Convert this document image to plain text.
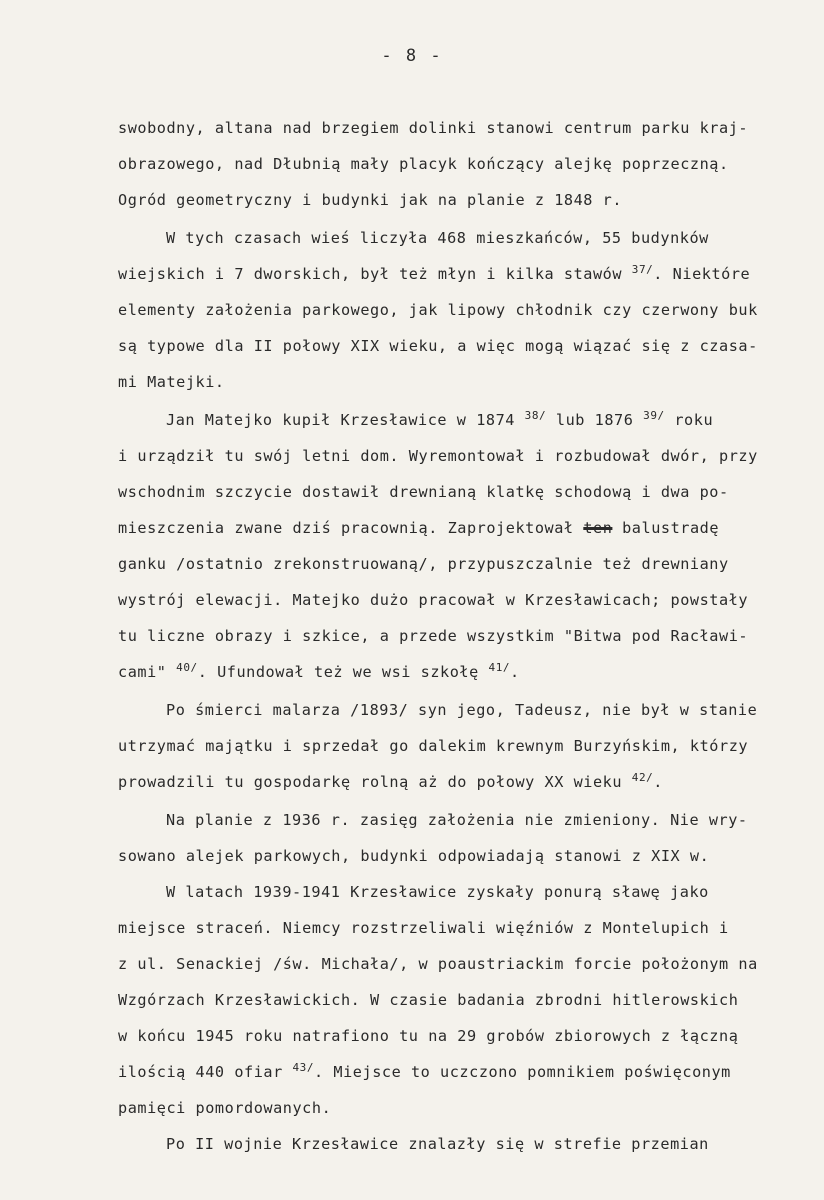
- 8 -
swobodny, altana nad brzegiem dolinki stanowi centrum parku kraj-
obrazowego, nad Dłubnią mały placyk kończący alejkę poprzeczną.
Ogród geometryczny i budynki jak na planie z 1848 r.
W tych czasach wieś liczyła 468 mieszkańców, 55 budynków
wiejskich i 7 dworskich, był też młyn i kilka stawów $^{37/}$. Niektóre
elementy założenia parkowego, jak lipowy chłodnik czy czerwony buk
są typowe dla II połowy XIX wieku, a więc mogą wiązać się z czasa-
mi Matejki.
Jan Matejko kupił Krzesławice w 1874 $^{38/}$ lub 1876 $^{39/}$ roku
i urządził tu swój letni dom. Wyremontował i rozbudował dwór, przy
wschodnim szczycie dostawił drewnianą klatkę schodową i dwa po-
mieszczenia zwane dziś pracownią. Zaprojektował ten balustradę
ganku /ostatnio zrekonstruowaną/, przypuszczalnie też drewniany
wystrój elewacji. Matejko dużo pracował w Krzesławicach; powstały
tu liczne obrazy i szkice, a przede wszystkim "Bitwa pod Racławi-
cami" $^{40/}$. Ufundował też we wsi szkołę $^{41/}$.
Po śmierci malarza /1893/ syn jego, Tadeusz, nie był w stanie
utrzymać majątku i sprzedał go dalekim krewnym Burzyńskim, którzy
prowadzili tu gospodarkę rolną aż do połowy XX wieku $^{42/}$.
Na planie z 1936 r. zasięg założenia nie zmieniony. Nie wry-
sowano alejek parkowych, budynki odpowiadają stanowi z XIX w.
W latach 1939-1941 Krzesławice zyskały ponurą sławę jako
miejsce straceń. Niemcy rozstrzeliwali więźniów z Montelupich i
z ul. Senackiej /św. Michała/, w poaustriackim forcie położonym na
Wzgórzach Krzesławickich. W czasie badania zbrodni hitlerowskich
w końcu 1945 roku natrafiono tu na 29 grobów zbiorowych z łączną
ilością 440 ofiar $^{43/}$. Miejsce to uczczono pomnikiem poświęconym
pamięci pomordowanych.
Po II wojnie Krzesławice znalazły się w strefie przemian
